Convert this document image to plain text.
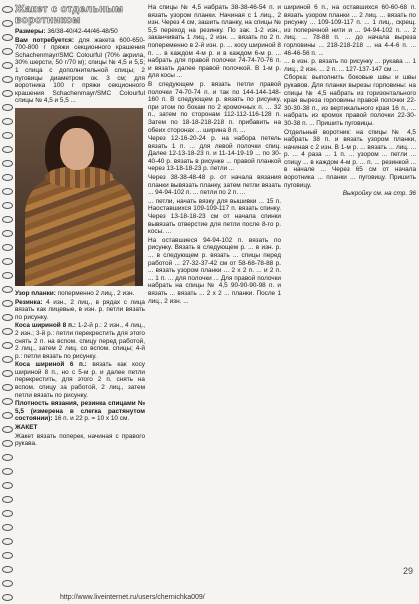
Жакет с отдельным
воротником
Размеры: 36/38-40/42-44/46-48/50
Вам потребуется: для жакета 600-650-700-800 г пряжи секционного крашения Schachenmayr/SMC Colourful (70% акрила, 30% шерсти, 50 г/70 м); спицы № 4,5 и 5,5; 1 спица с дополнительной спицы; 2 пуговицы диаметром ок. 3 см; для воротника 100 г пряжи секционного крашения Schachenmayr/SMC Colourful спицы № 4,5 и 5,5 ...
Узор планки: поперменно 2 лиц., 2 изн.
Резинка: 4 изн., 2 лиц., в рядах с лица вязать как лицевые, в изн. р. петли вязать по рисунку.
Коса шириной 8 п.: 1-2-й р.: 2 изн., 4 лиц., 2 изн.; 3-й р.: петли перекрестить для этого снять 2 п. на вспом. спицу перед работой, 2 лиц., затем 2 лиц. со вспом. спицы; 4-й р.: петли вязать по рисунку.
Коса шириной 6 п.: вязать как косу шириной 8 п., но с 5-м р. и далее петли перекрестить, для этого 2 п. снять на вспом. спицу за работой, 2 лиц., затем петли вязать по рисунку.
Плотность вязания, резинка спицами № 5,5 (измерена в слегка растянутом состоянии): 16 п. и 22 р. = 10 х 10 см.
ЖАКЕТ
Жакет вязать поперек, начиная с правого рукава.
На спицы № 4,5 набрать 38-38-46-54 п. и вязать узором планки. Начиная с 1 лиц., 2 изн. Через 4 см, зашить планку, на спицы № 5,5 переход на резинку. По зак. 1-2 изн., заканчивать 1 лиц., 2 изн. ... вязать по 2 п. попеременно в 2-й изн. р. ... косу шириной 8 п. ... в каждом 4-м р. и в каждом 6-м р. ... набрать для правой полочки 74-74-70-76 п. и вязать далее правой полочкой. В 1-м р. для косы ...
В следующем р. вязать петли правой полочки 74-70-74 п. и так по 144-144-148-160 п. В следующем р. вязать по рисунку, при этом по бокам по 2 кромочных п. ... 32 п., затем по сторонам 112-112-116-128 п. Затем по 18-18-218-218 п. прибавить на обеих сторонах ... ширина 8 п. ...
Через 12-16-20-24 р. на набора петель вязать 1 п. ... для левой полочки спиц. Далее 12-13-18-23 п. и 11-14-19-19 ... по 30-40-40 р. вязать в рисунке ... правой планкой через 13-18-18-23 р. петли ...
Через 38-38-48-48 р. от начала вязания планки вывязать планку, затем петли вязать ... 94-94-102 п. ... петли по 2 п. ...
... петли, начать вязку для вышивки ... 15 п. Наоставшихся 109-109-117 п. вязать спинку. Через 13-18-18-23 см от начала спинки вывязать отверстие для петли после 8-го р. косы. ...
На оставшиеся 94-94-102 п. вязать по рисунку. Вязать в следующем р. ... в изн. р. ... в следующем р. вязать ... спицы перед работой ... 27-32-37-42 см от 58-68-78-88 р. ... вязать узором планки ... 2 х 2 п. ... и 2 п. ... 1 п. ... для полочки ... Для правой полочки набрать на спицы № 4,5 90-90-90-98 п. и вязать ... вязать ... 2 х 2 ... планки. После 1 лиц., 2 изн. ...
шириной 6 п., на оставшихся 60-60-68 п. вязать узором планки ... 2 лиц. ... вязать по рисунку ... 109-109-117 п. ... 1 лиц., скрещ. из поперечной нити и ... 94-94-102 п. ... 2 лиц. ... 78-88 п. ... до начала выреза горловины ... 218-218-218 ... на 4-4-6 п. ... 46-46-56 п. ...
... в изн. р. вязать по рисунку ... рукава ... 1 лиц., 2 изн. ... 2 п. ... 127-137-147 см ...
Сборка: выполнить боковые швы и швы рукавов. Для планки вырезы горловины: на спицы № 4,5 набрать из горизонтального края выреза горловины правой полочки 22-30-30-38 п., из вертикального края 16 п., ... набрать из кромок правой полочки 22-30-30-38 п. ... Пришить пуговицы.
Отдельный воротник: на спицы № 4,5 набрать 38 п. и вязать узором планки, начиная с 2 изн. В 1-м р. ... вязать ... лиц. ... р. ... 4 раза ... 1 п. ... узором ... петли ... спицу ... в каждом 4-м р. ... п. ... резинкой ... в начале ... Через 65 см от начала воротника ... планки ... пуговицу. Пришить пуговицу.
Выкройку см. на стр. 36
29
http://www.liveinternet.ru/users/chernichka009/
